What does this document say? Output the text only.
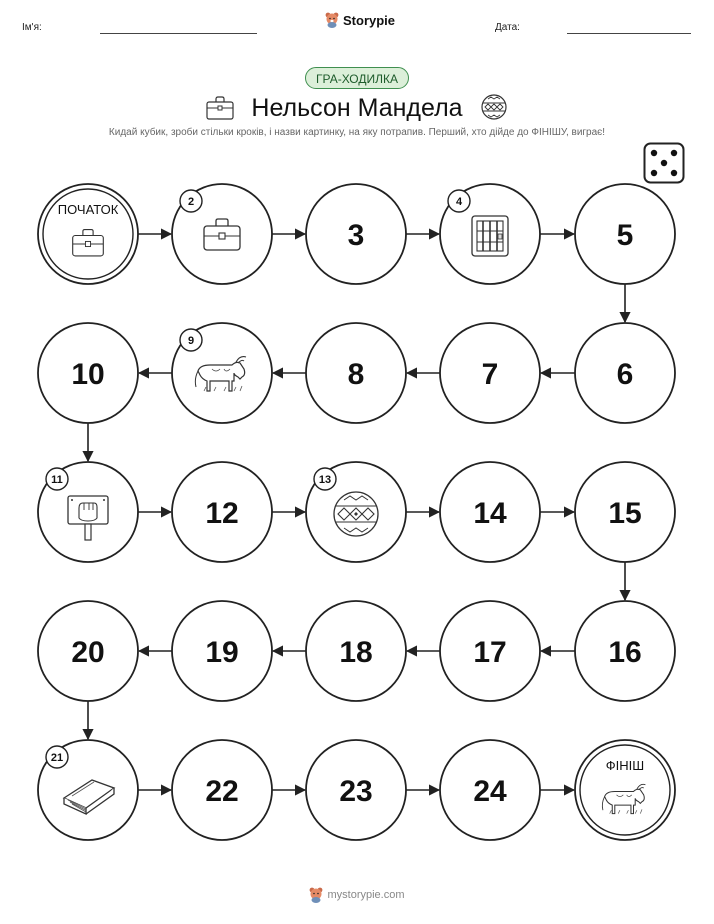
Ім'я:	Storypie	Дата:
ГРА-ХОДИЛКА
Нельсон Мандела
Кидай кубик, зроби стільки кроків, і назви картинку, на яку потрапив. Перший, хто дійде до ФІНІШУ, виграє!
ПОЧАТОК	2
3
4
5
6
7
8
9
10
11
12
13
14	15
16
17
18
19
20
21
22	23	24
ФІНІШ
mystorypie.com
